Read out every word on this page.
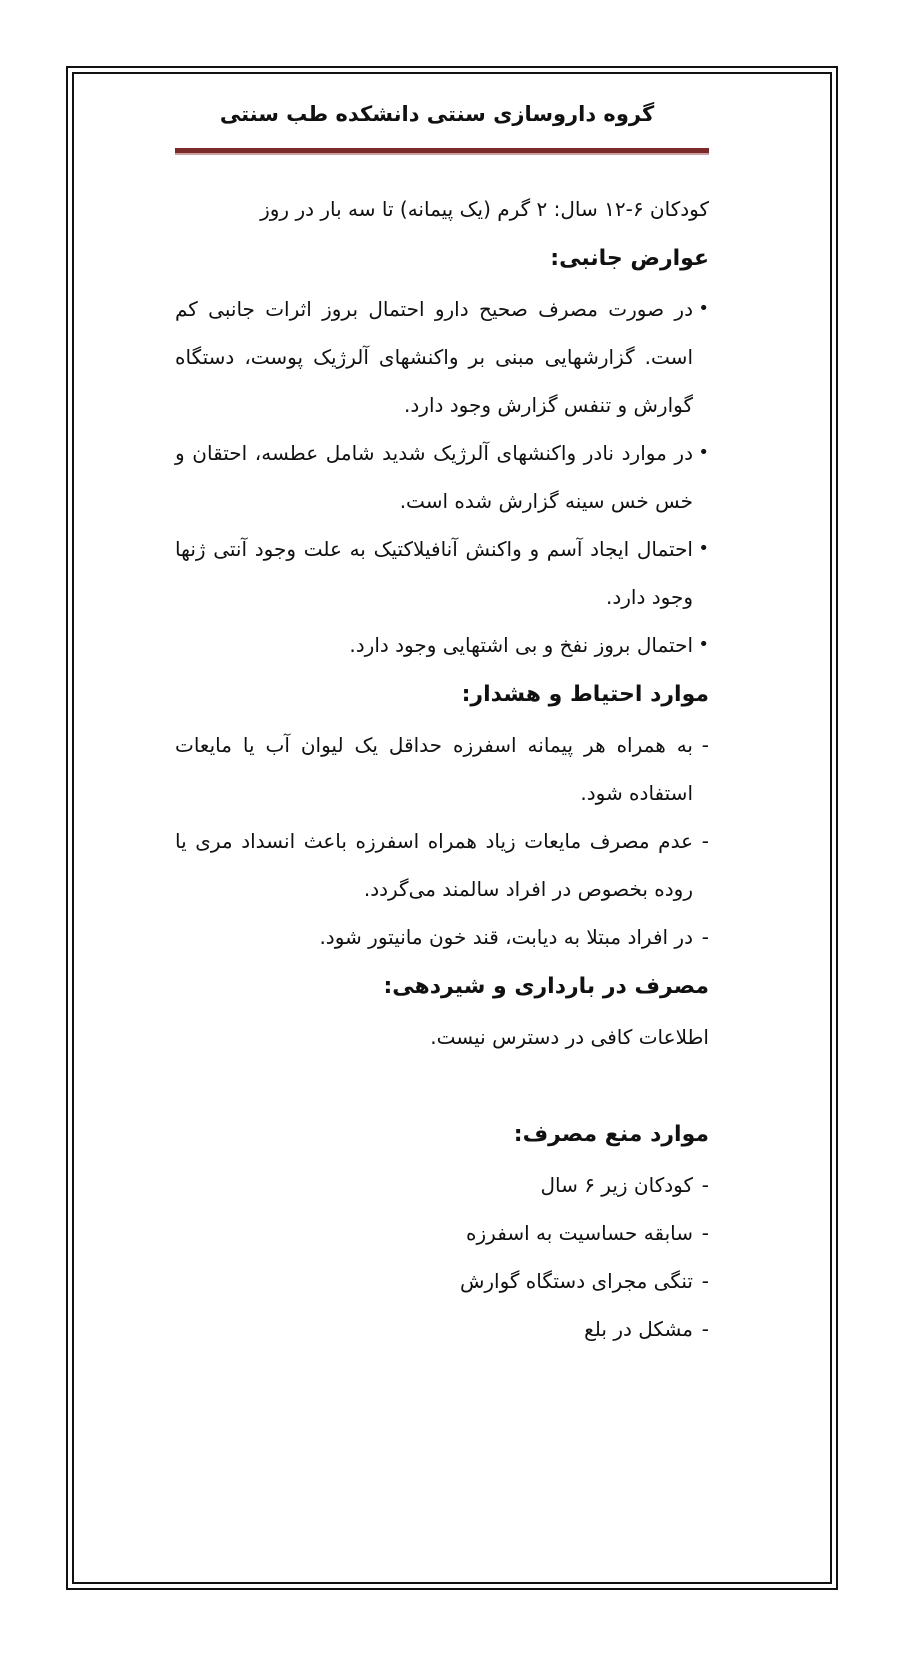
گروه داروسازی سنتی دانشکده طب سنتی

کودکان ۶-۱۲ سال: ۲ گرم (یک پیمانه) تا سه بار در روز

عوارض جانبی:
•
در صورت مصرف صحیح دارو احتمال بروز اثرات جانبی کم است. گزارشهایی مبنی بر واکنشهای آلرژیک پوست، دستگاه گوارش و تنفس گزارش وجود دارد.
•
در موارد نادر واکنشهای آلرژیک شدید شامل عطسه، احتقان و خس خس سینه گزارش شده است.
•
احتمال ایجاد آسم و واکنش آنافیلاکتیک به علت وجود آنتی ژنها وجود دارد.
•
احتمال بروز نفخ و بی اشتهایی وجود دارد.
موارد احتیاط و هشدار:
-
به همراه هر پیمانه اسفرزه حداقل یک لیوان آب یا مایعات استفاده شود.
-
عدم مصرف مایعات زیاد همراه اسفرزه باعث انسداد مری یا روده بخصوص در افراد سالمند می‌گردد.
-
در افراد مبتلا به دیابت، قند خون مانیتور شود.
مصرف در بارداری و شیردهی:

اطلاعات کافی در دسترس نیست.

موارد منع مصرف:
-
کودکان زیر ۶ سال
-
سابقه حساسیت به اسفرزه
-
تنگی مجرای دستگاه گوارش
-
مشکل در بلع
